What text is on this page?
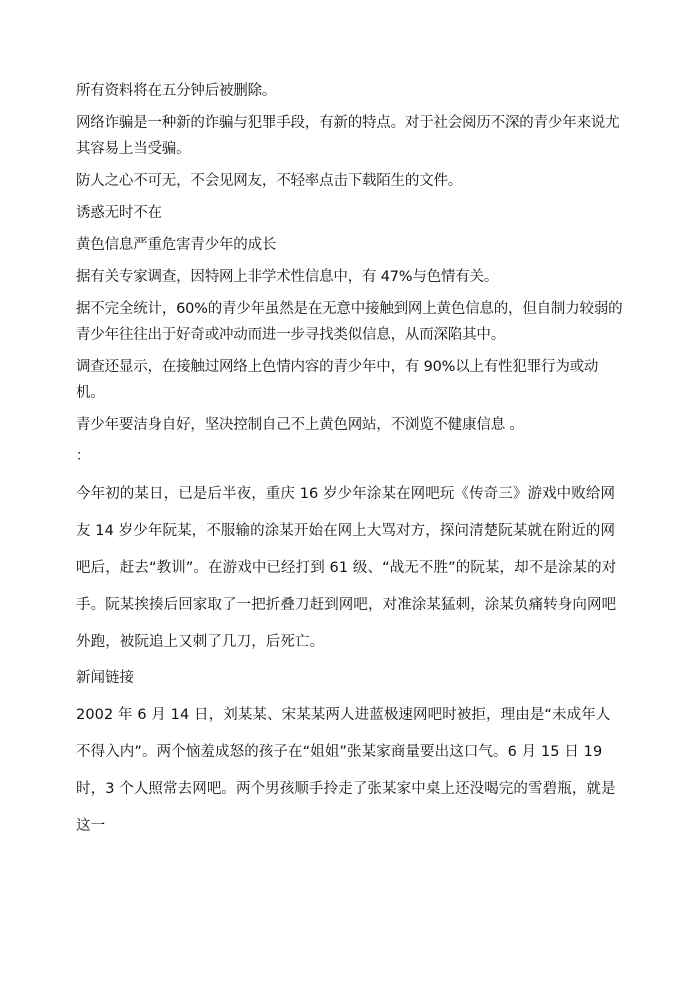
所有资料将在五分钟后被删除。

网络诈骗是一种新的诈骗与犯罪手段，有新的特点。对于社会阅历不深的青少年来说尤其容易上当受骗。

防人之心不可无，不会见网友，不轻率点击下载陌生的文件。

诱惑无时不在

黄色信息严重危害青少年的成长

据有关专家调查，因特网上非学术性信息中，有 47%与色情有关。

据不完全统计，60%的青少年虽然是在无意中接触到网上黄色信息的，但自制力较弱的青少年往往出于好奇或冲动而进一步寻找类似信息，从而深陷其中。

调查还显示，在接触过网络上色情内容的青少年中，有 90%以上有性犯罪行为或动机。

青少年要洁身自好，坚决控制自己不上黄色网站，不浏览不健康信息 。

：

今年初的某日，已是后半夜，重庆 16 岁少年涂某在网吧玩《传奇三》游戏中败给网友 14 岁少年阮某，不服输的涂某开始在网上大骂对方，探问清楚阮某就在附近的网吧后，赶去“教训”。在游戏中已经打到 61 级、“战无不胜”的阮某，却不是涂某的对手。阮某挨揍后回家取了一把折叠刀赶到网吧，对准涂某猛刺，涂某负痛转身向网吧外跑，被阮追上又刺了几刀，后死亡。

新闻链接

2002 年 6 月 14 日，刘某某、宋某某两人进蓝极速网吧时被拒，理由是“未成年人不得入内”。两个恼羞成怒的孩子在“姐姐”张某家商量要出这口气。6 月 15 日 19 时，3 个人照常去网吧。两个男孩顺手拎走了张某家中桌上还没喝完的雪碧瓶，就是这一
